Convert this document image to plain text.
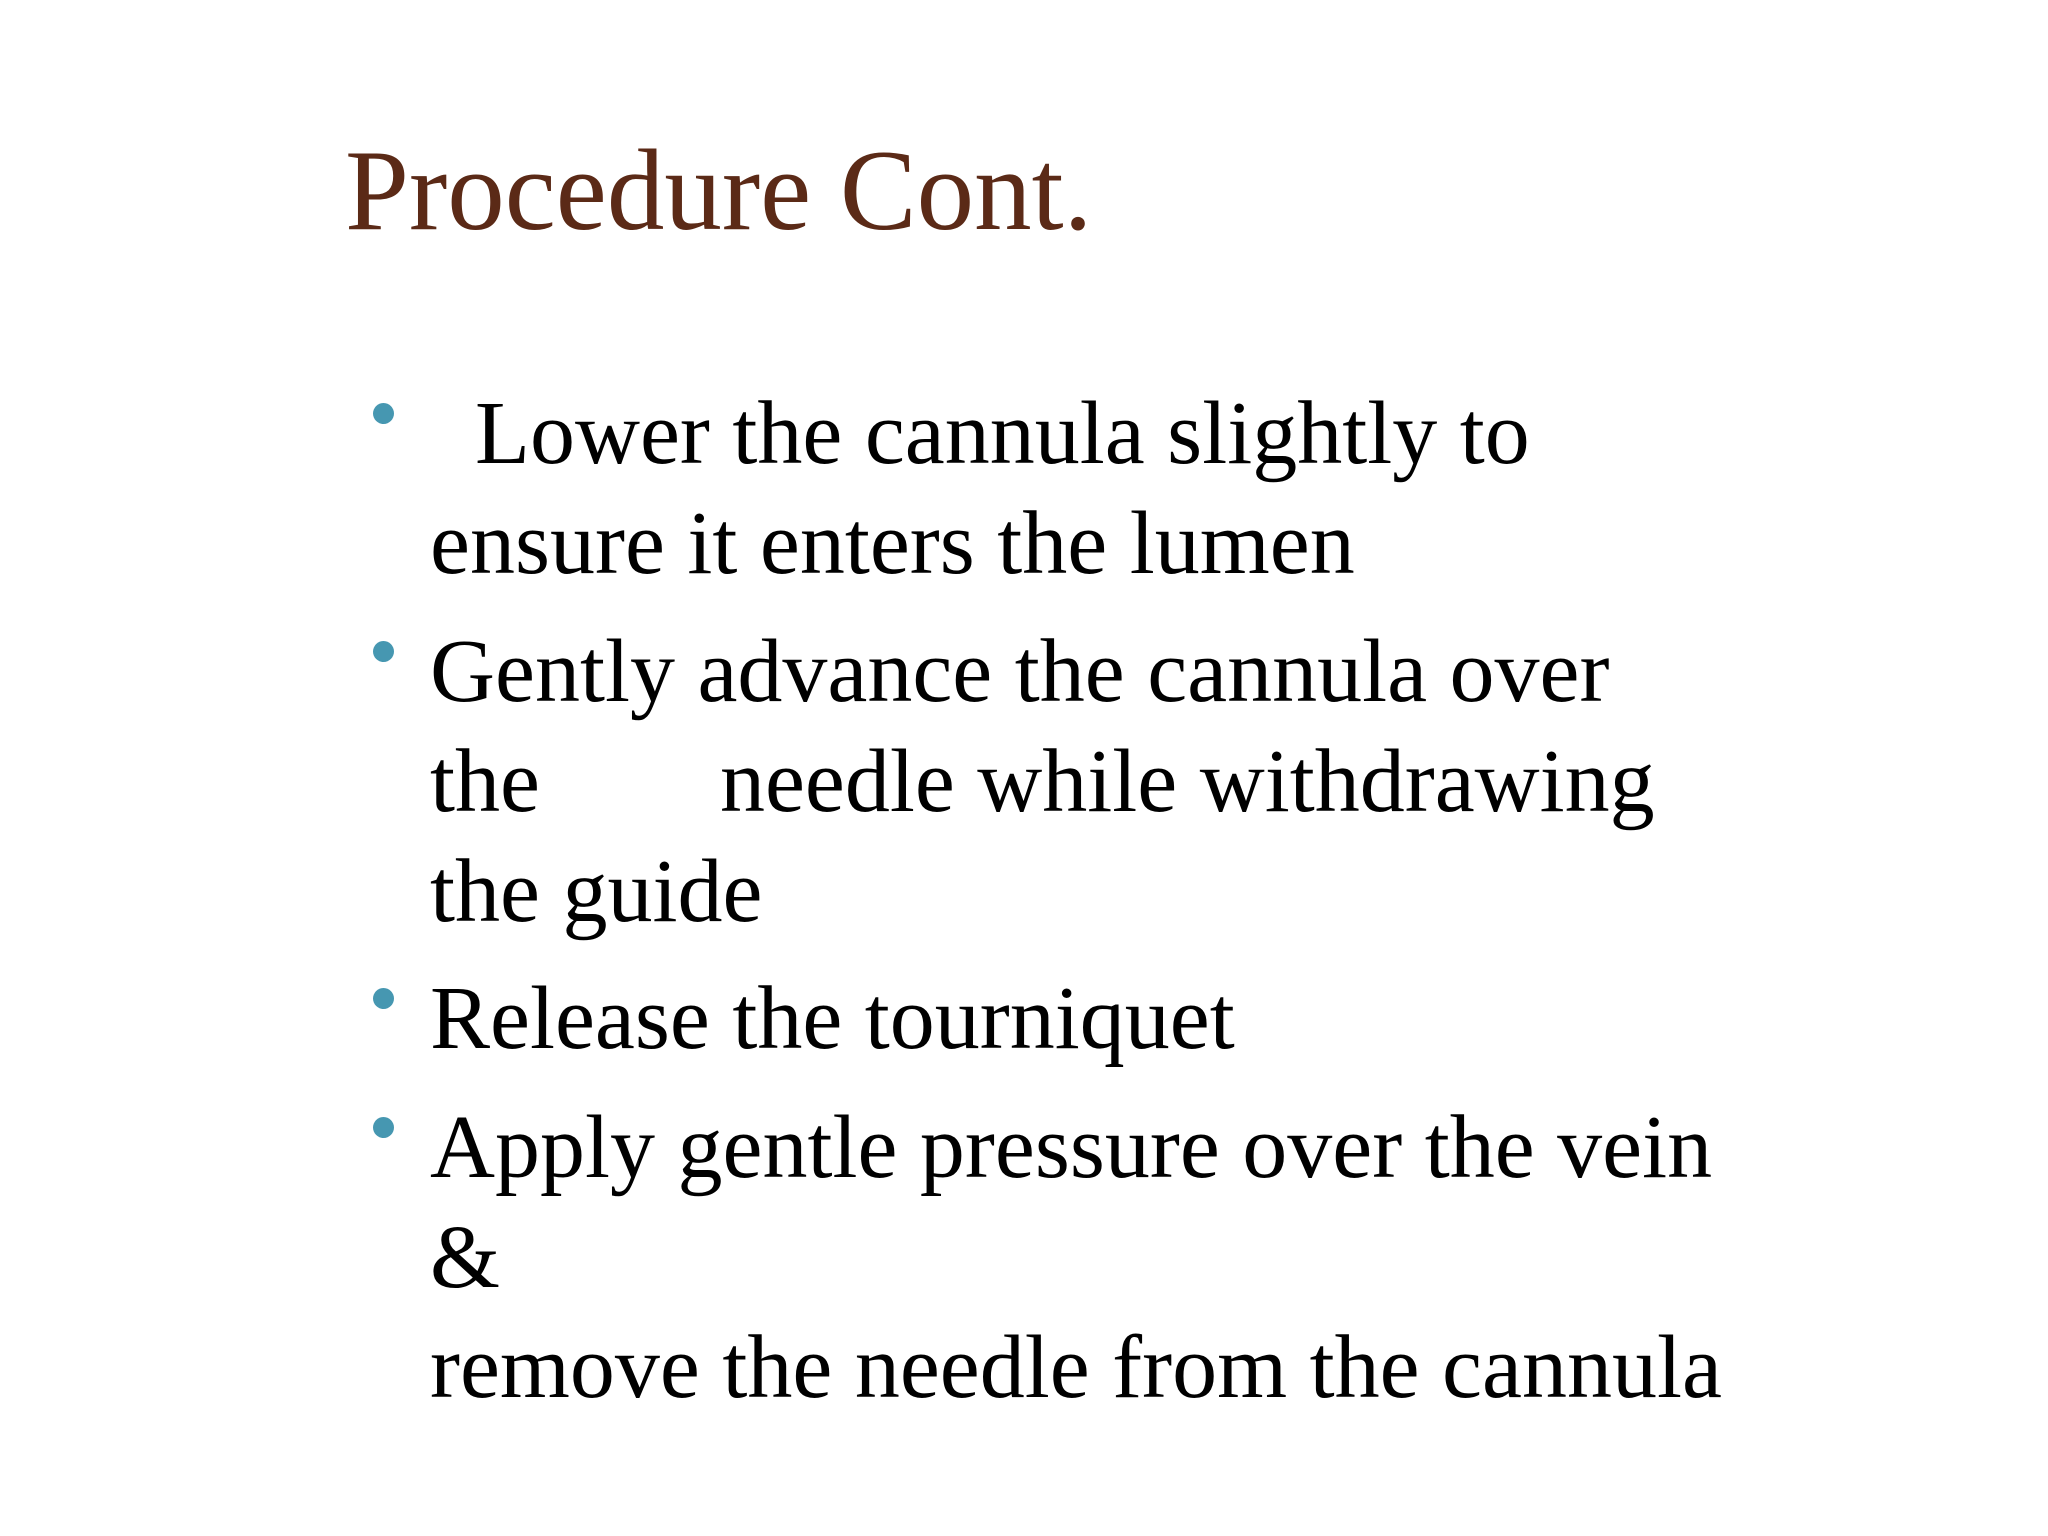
Procedure Cont.
Lower the cannula slightly to
ensure it enters the lumen
Gently advance the cannula over
the        needle while withdrawing
the guide
Release the tourniquet
Apply gentle pressure over the vein
&
remove the needle from the cannula
